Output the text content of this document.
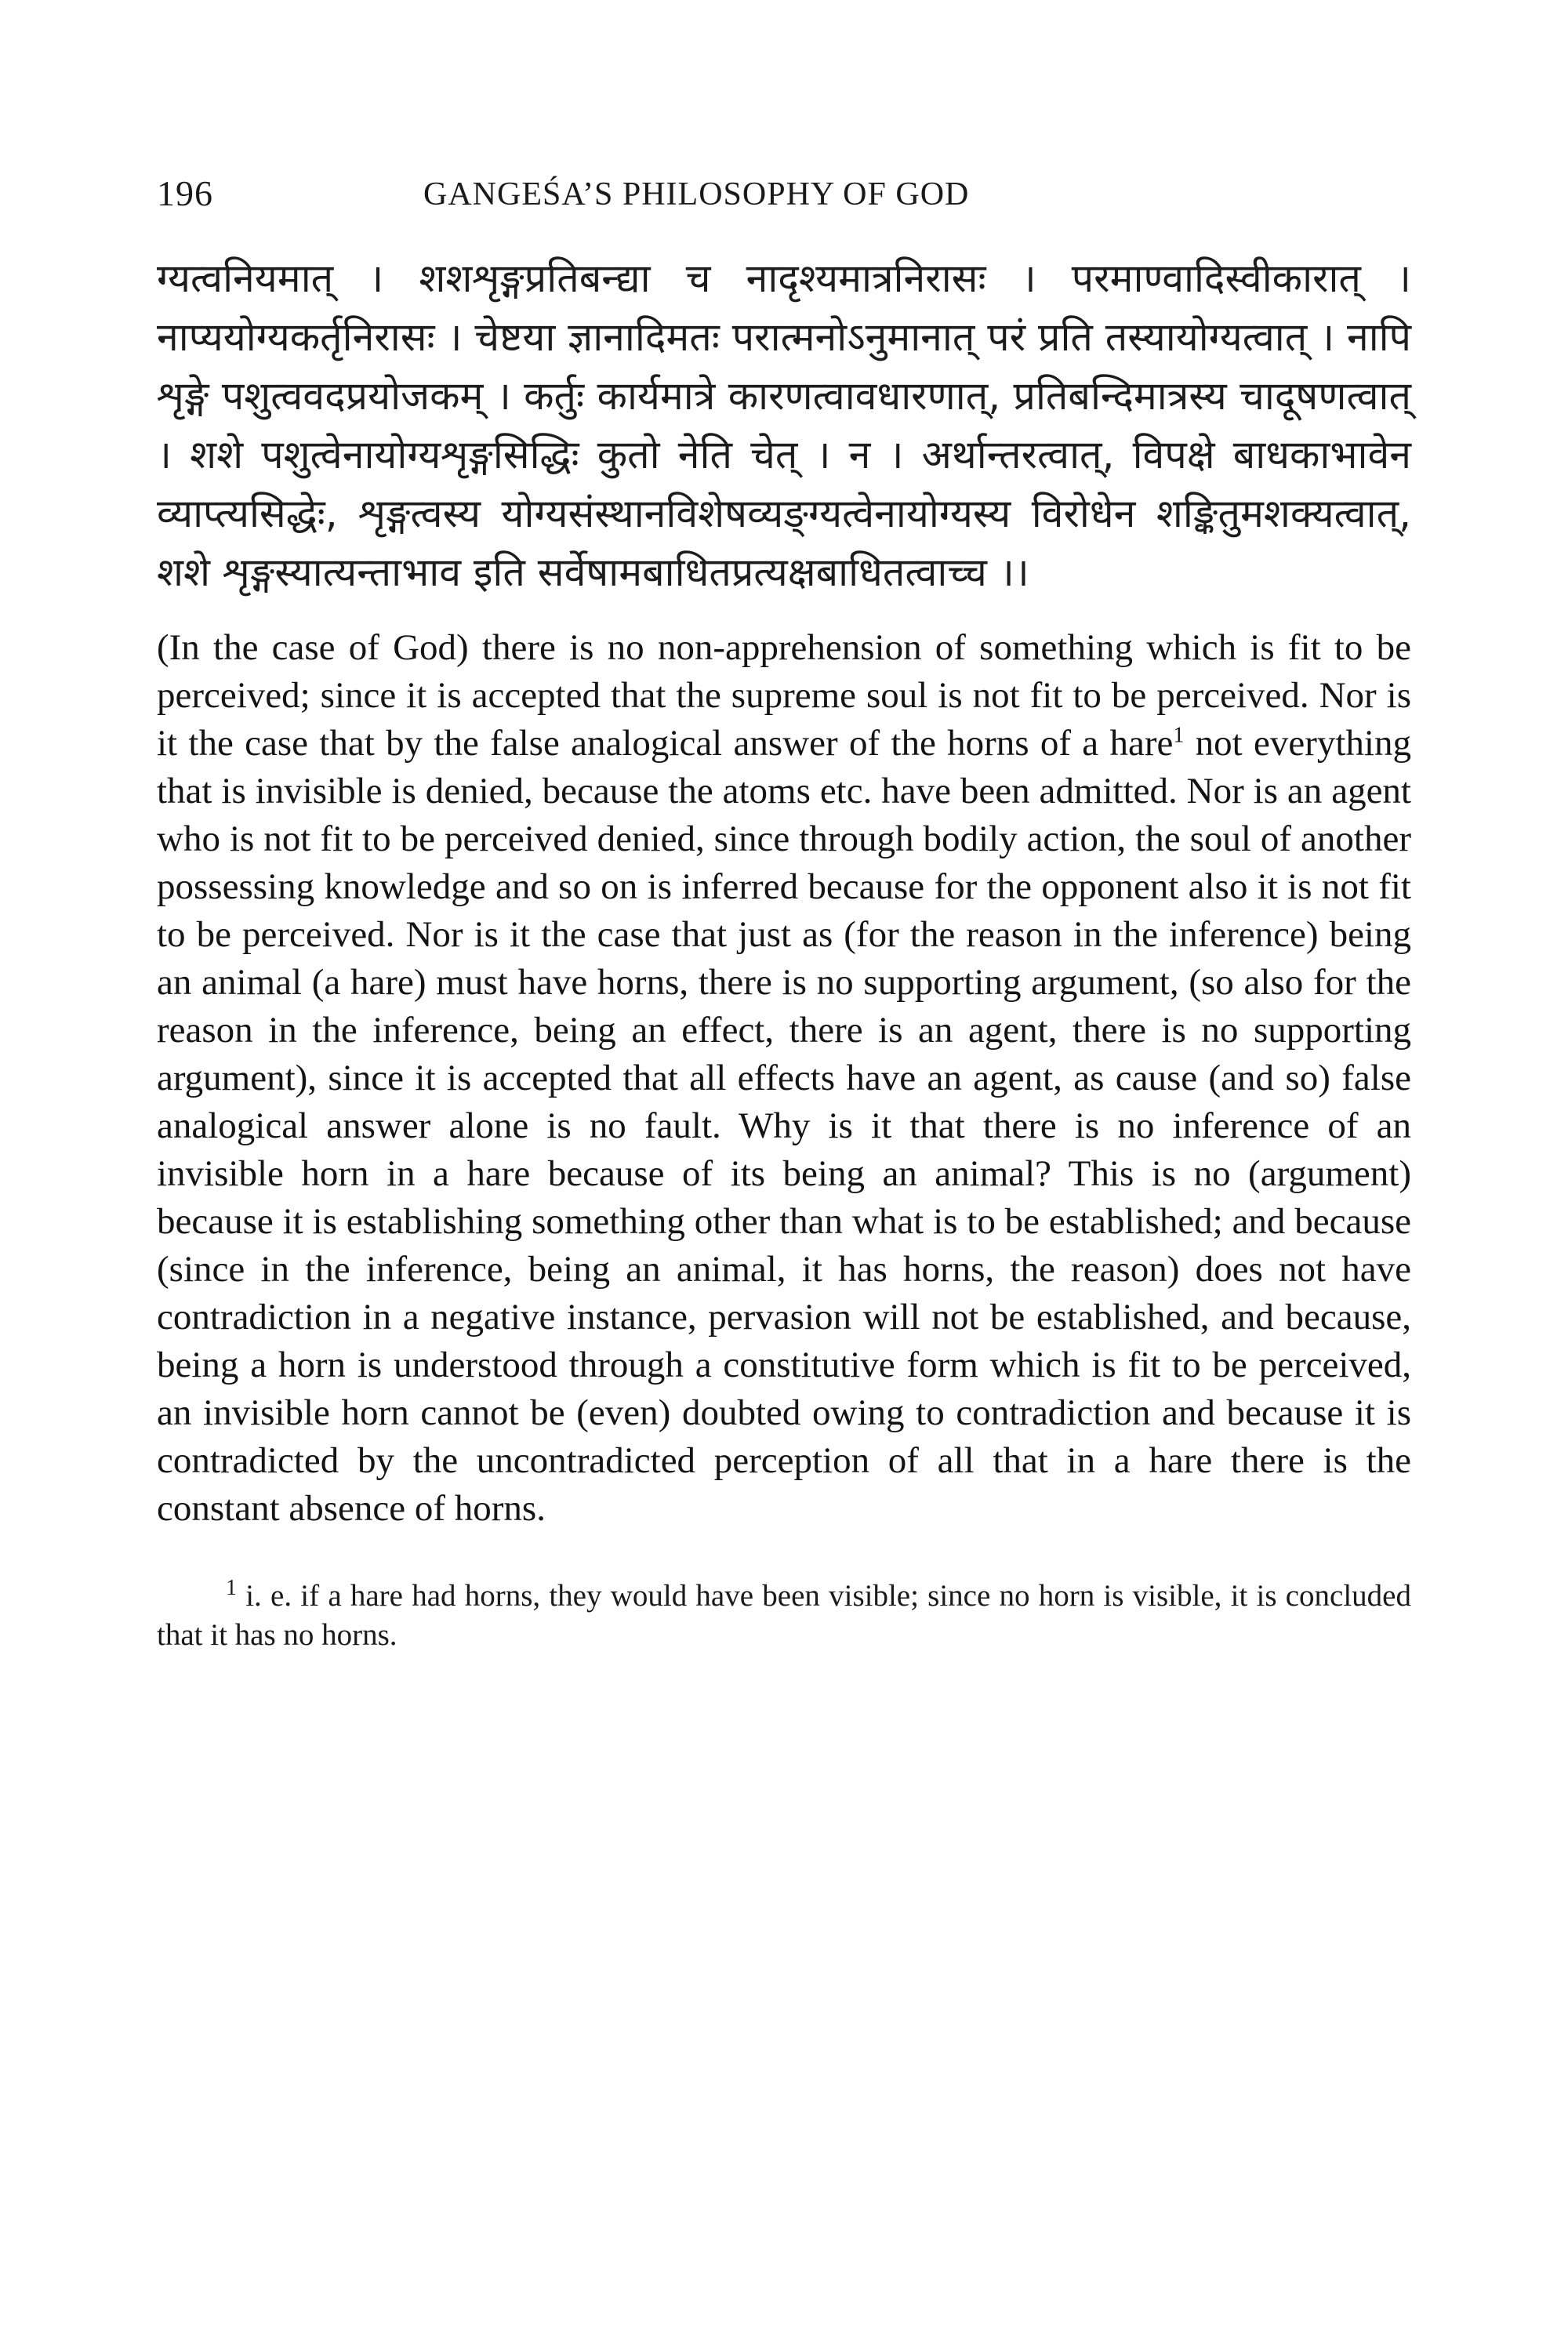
196	GANGEŚA’S PHILOSOPHY OF GOD
ग्यत्वनियमात् । शशशृङ्गप्रतिबन्द्या च नादृश्यमात्रनिरासः । परमाण्वादिस्वीकारात् । नाप्ययोग्यकर्तृनिरासः । चेष्टया ज्ञानादिमतः परात्मनोऽनुमानात् परं प्रति तस्यायोग्यत्वात् । नापि शृङ्गे पशुत्ववदप्रयोजकम् । कर्तुः कार्यमात्रे कारणत्वावधारणात्, प्रतिबन्दिमात्रस्य चादूषणत्वात् । शशे पशुत्वेनायोग्यशृङ्गसिद्धिः कुतो नेति चेत् । न । अर्थान्तरत्वात्, विपक्षे बाधकाभावेन व्याप्त्यसिद्धेः, शृङ्गत्वस्य योग्यसंस्थानविशेषव्यङ्ग्यत्वेनायोग्यस्य विरोधेन शङ्कितुमशक्यत्वात्, शशे शृङ्गस्यात्यन्ताभाव इति सर्वेषामबाधितप्रत्यक्षबाधितत्वाच्च ।।
(In the case of God) there is no non-apprehension of something which is fit to be perceived; since it is accepted that the supreme soul is not fit to be perceived. Nor is it the case that by the false analogical answer of the horns of a hare$^1$ not everything that is invisible is denied, because the atoms etc. have been admitted. Nor is an agent who is not fit to be perceived denied, since through bodily action, the soul of another possessing knowledge and so on is inferred because for the opponent also it is not fit to be perceived. Nor is it the case that just as (for the reason in the inference) being an animal (a hare) must have horns, there is no supporting argument, (so also for the reason in the inference, being an effect, there is an agent, there is no supporting argument), since it is accepted that all effects have an agent, as cause (and so) false analogical answer alone is no fault. Why is it that there is no inference of an invisible horn in a hare because of its being an animal? This is no (argument) because it is establishing something other than what is to be established; and because (since in the inference, being an animal, it has horns, the reason) does not have contradiction in a negative instance, pervasion will not be established, and because, being a horn is understood through a constitutive form which is fit to be perceived, an invisible horn cannot be (even) doubted owing to contradiction and because it is contradicted by the uncontradicted perception of all that in a hare there is the constant absence of horns.
$^1$ i. e. if a hare had horns, they would have been visible; since no horn is visible, it is concluded that it has no horns.
